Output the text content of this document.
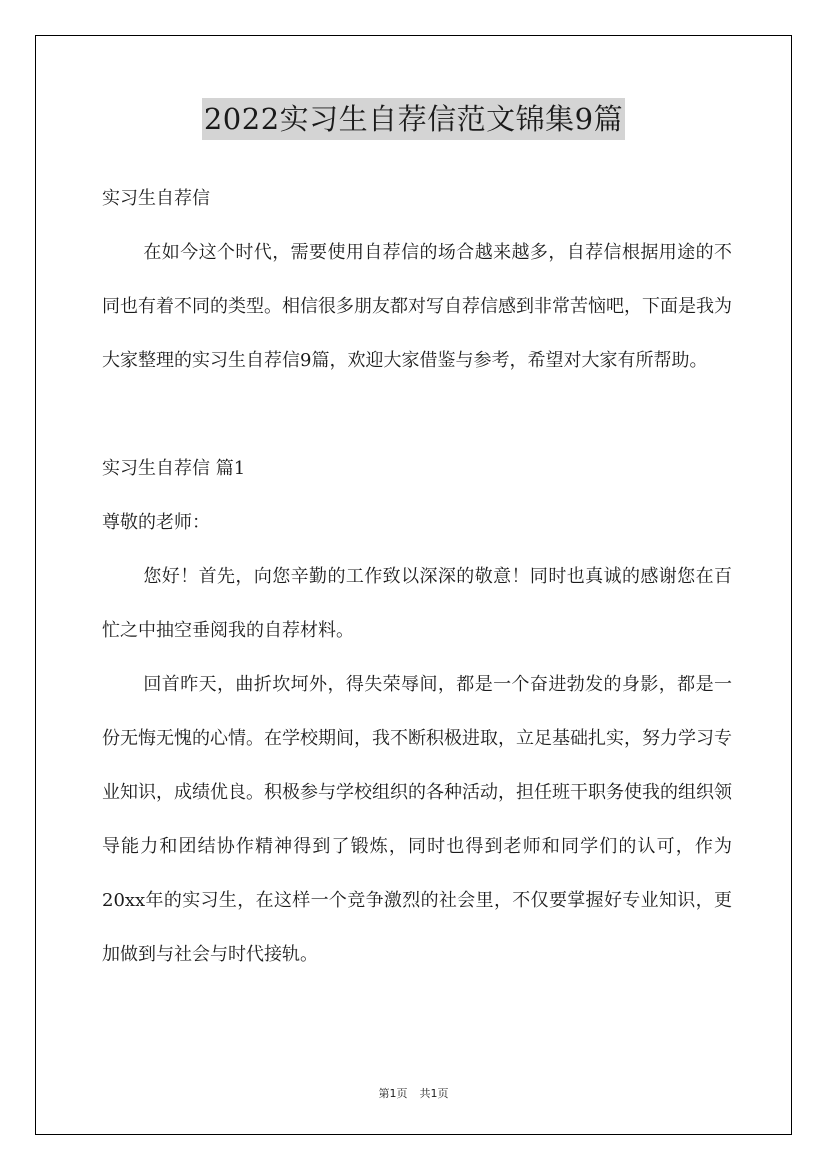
2022实习生自荐信范文锦集9篇

实习生自荐信

在如今这个时代，需要使用自荐信的场合越来越多，自荐信根据用途的不同也有着不同的类型。相信很多朋友都对写自荐信感到非常苦恼吧，下面是我为大家整理的实习生自荐信9篇，欢迎大家借鉴与参考，希望对大家有所帮助。

实习生自荐信 篇1

尊敬的老师：

您好！首先，向您辛勤的工作致以深深的敬意！同时也真诚的感谢您在百忙之中抽空垂阅我的自荐材料。

回首昨天，曲折坎坷外，得失荣辱间，都是一个奋进勃发的身影，都是一份无悔无愧的心情。在学校期间，我不断积极进取，立足基础扎实，努力学习专业知识，成绩优良。积极参与学校组织的各种活动，担任班干职务使我的组织领导能力和团结协作精神得到了锻炼，同时也得到老师和同学们的认可，作为20xx年的实习生，在这样一个竞争激烈的社会里，不仅要掌握好专业知识，更加做到与社会与时代接轨。

第1页 共1页
